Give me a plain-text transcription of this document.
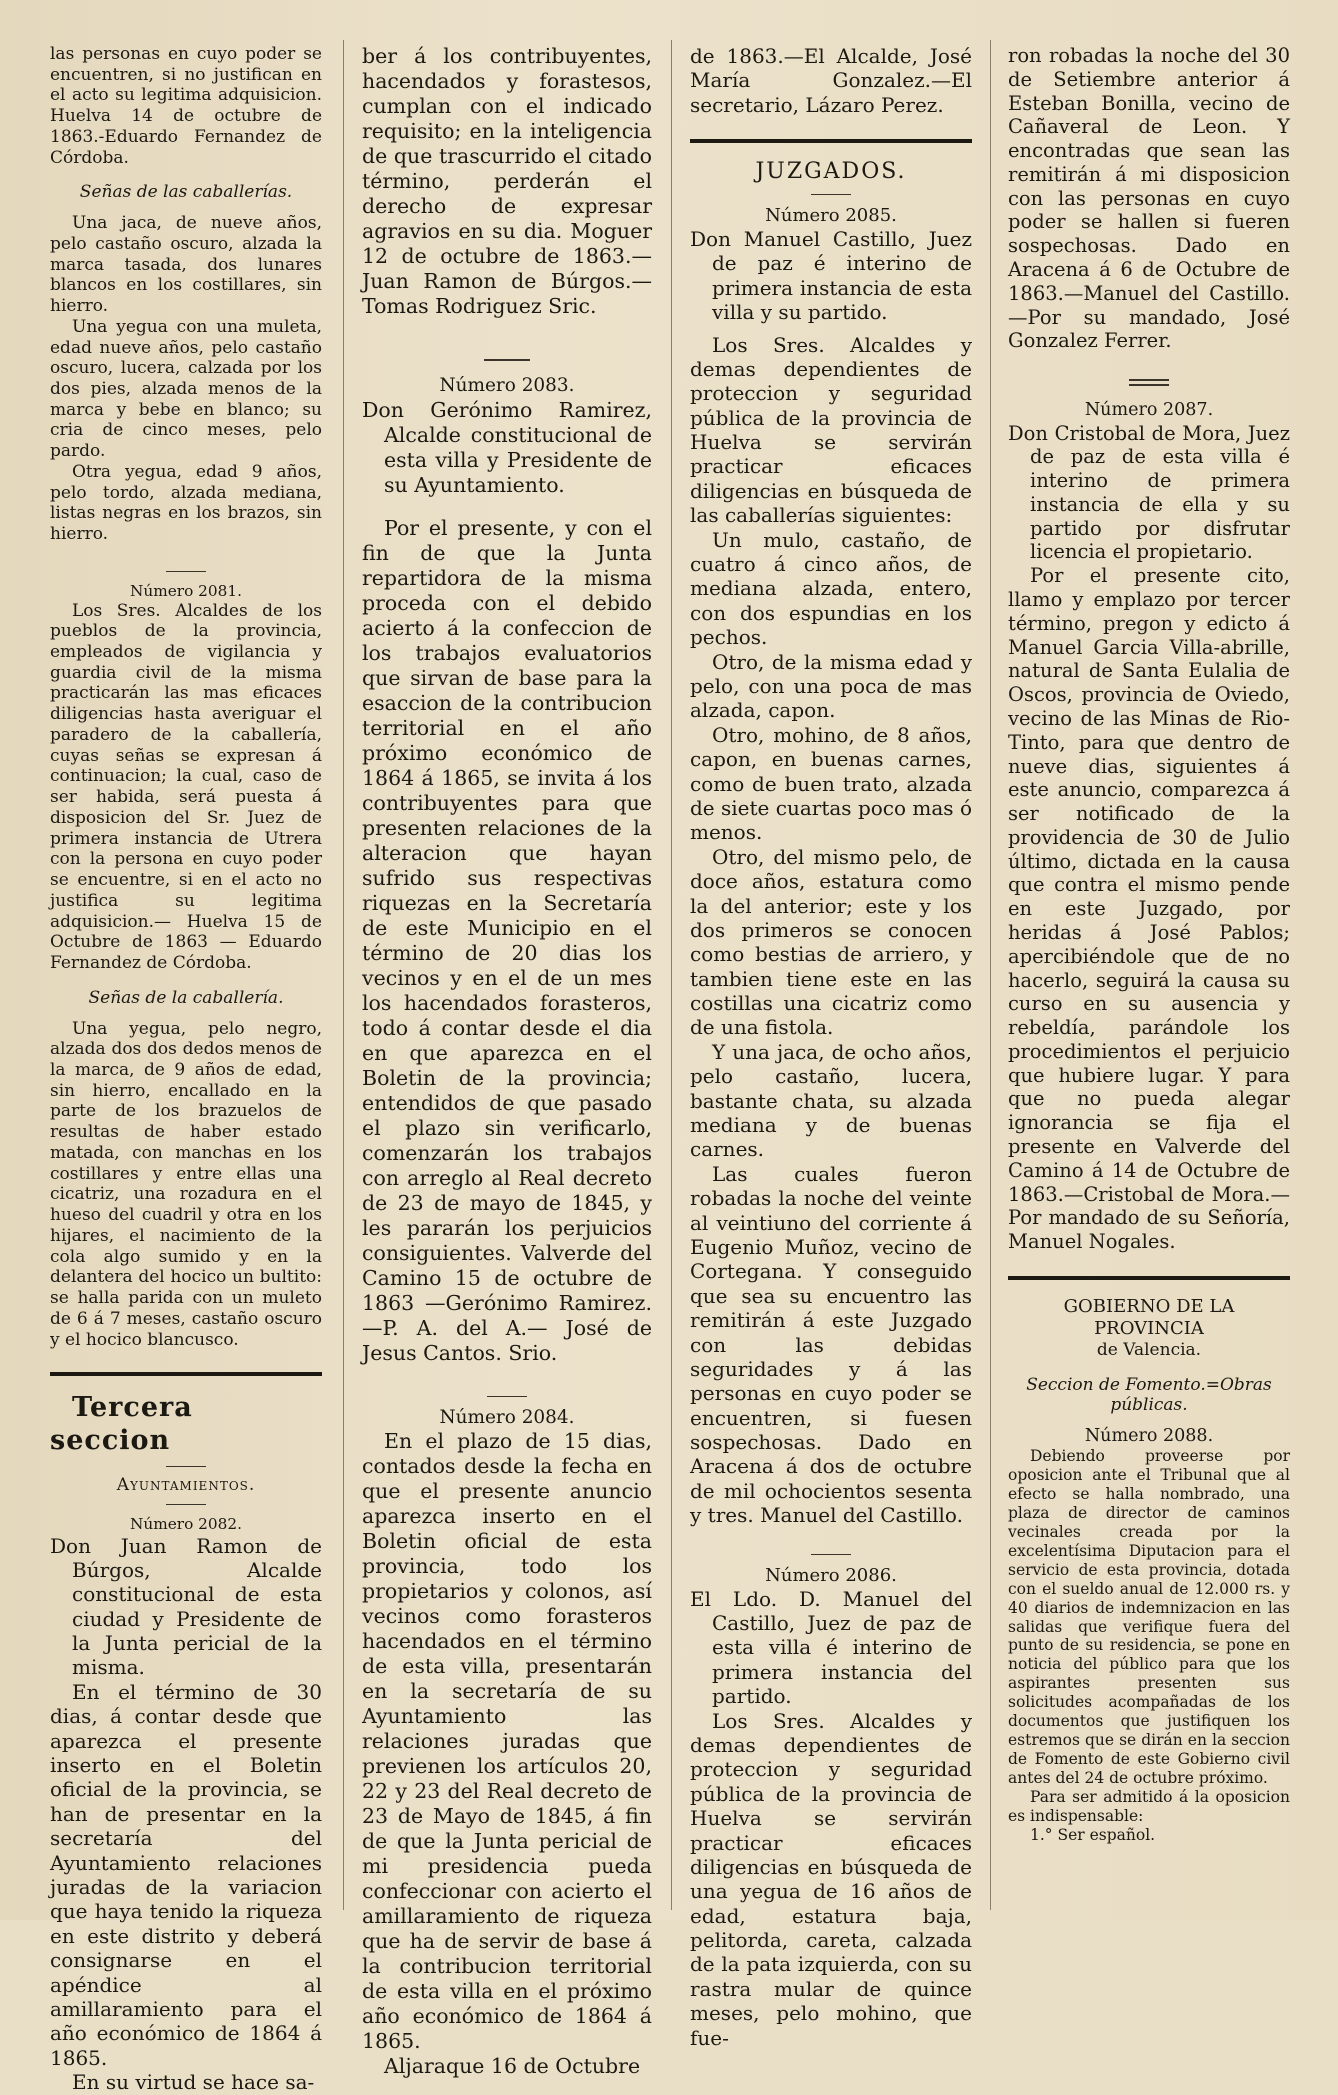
las personas en cuyo poder se encuentren, si no justifican en el acto su legitima adquisicion. Huelva 14 de octubre de 1863.-Eduardo Fernandez de Córdoba.

Señas de las caballerías.

Una jaca, de nueve años, pelo castaño oscuro, alzada la marca tasada, dos lunares blancos en los costillares, sin hierro.

Una yegua con una muleta, edad nueve años, pelo castaño oscuro, lucera, calzada por los dos pies, alzada menos de la marca y bebe en blanco; su cria de cinco meses, pelo pardo.

Otra yegua, edad 9 años, pelo tordo, alzada mediana, listas negras en los brazos, sin hierro.

Número 2081.

Los Sres. Alcaldes de los pueblos de la provincia, empleados de vigilancia y guardia civil de la misma practicarán las mas eficaces diligencias hasta averiguar el paradero de la caballería, cuyas señas se expresan á continuacion; la cual, caso de ser habida, será puesta á disposicion del Sr. Juez de primera instancia de Utrera con la persona en cuyo poder se encuentre, si en el acto no justifica su legitima adquisicion.— Huelva 15 de Octubre de 1863 — Eduardo Fernandez de Córdoba.

Señas de la caballería.

Una yegua, pelo negro, alzada dos dos dedos menos de la marca, de 9 años de edad, sin hierro, encallado en la parte de los brazuelos de resultas de haber estado matada, con manchas en los costillares y entre ellas una cicatriz, una rozadura en el hueso del cuadril y otra en los hijares, el nacimiento de la cola algo sumido y en la delantera del hocico un bultito: se halla parida con un muleto de 6 á 7 meses, castaño oscuro y el hocico blancusco.

Tercera seccion

Ayuntamientos.

Número 2082.

Don Juan Ramon de Búrgos, Alcalde constitucional de esta ciudad y Presidente de la Junta pericial de la misma.

En el término de 30 dias, á contar desde que aparezca el presente inserto en el Boletin oficial de la provincia, se han de presentar en la secretaría del Ayuntamiento relaciones juradas de la variacion que haya tenido la riqueza en este distrito y deberá consignarse en el apéndice al amillaramiento para el año económico de 1864 á 1865.

En su virtud se hace sa-

ber á los contribuyentes, hacendados y forastesos, cumplan con el indicado requisito; en la inteligencia de que trascurrido el citado término, perderán el derecho de expresar agravios en su dia. Moguer 12 de octubre de 1863.—Juan Ramon de Búrgos.—Tomas Rodriguez Sric.

Número 2083.

Don Gerónimo Ramirez, Alcalde constitucional de esta villa y Presidente de su Ayuntamiento.

Por el presente, y con el fin de que la Junta repartidora de la misma proceda con el debido acierto á la confeccion de los trabajos evaluatorios que sirvan de base para la esaccion de la contribucion territorial en el año próximo económico de 1864 á 1865, se invita á los contribuyentes para que presenten relaciones de la alteracion que hayan sufrido sus respectivas riquezas en la Secretaría de este Municipio en el término de 20 dias los vecinos y en el de un mes los hacendados forasteros, todo á contar desde el dia en que aparezca en el Boletin de la provincia; entendidos de que pasado el plazo sin verificarlo, comenzarán los trabajos con arreglo al Real decreto de 23 de mayo de 1845, y les pararán los perjuicios consiguientes. Valverde del Camino 15 de octubre de 1863 —Gerónimo Ramirez.—P. A. del A.— José de Jesus Cantos. Srio.

Número 2084.

En el plazo de 15 dias, contados desde la fecha en que el presente anuncio aparezca inserto en el Boletin oficial de esta provincia, todo los propietarios y colonos, así vecinos como forasteros hacendados en el término de esta villa, presentarán en la secretaría de su Ayuntamiento las relaciones juradas que previenen los artículos 20, 22 y 23 del Real decreto de 23 de Mayo de 1845, á fin de que la Junta pericial de mi presidencia pueda confeccionar con acierto el amillaramiento de riqueza que ha de servir de base á la contribucion territorial de esta villa en el próximo año económico de 1864 á 1865.

Aljaraque 16 de Octubre

de 1863.—El Alcalde, José María Gonzalez.—El secretario, Lázaro Perez.

JUZGADOS.

Número 2085.

Don Manuel Castillo, Juez de paz é interino de primera instancia de esta villa y su partido.

Los Sres. Alcaldes y demas dependientes de proteccion y seguridad pública de la provincia de Huelva se servirán practicar eficaces diligencias en búsqueda de las caballerías siguientes:

Un mulo, castaño, de cuatro á cinco años, de mediana alzada, entero, con dos espundias en los pechos.

Otro, de la misma edad y pelo, con una poca de mas alzada, capon.

Otro, mohino, de 8 años, capon, en buenas carnes, como de buen trato, alzada de siete cuartas poco mas ó menos.

Otro, del mismo pelo, de doce años, estatura como la del anterior; este y los dos primeros se conocen como bestias de arriero, y tambien tiene este en las costillas una cicatriz como de una fistola.

Y una jaca, de ocho años, pelo castaño, lucera, bastante chata, su alzada mediana y de buenas carnes.

Las cuales fueron robadas la noche del veinte al veintiuno del corriente á Eugenio Muñoz, vecino de Cortegana. Y conseguido que sea su encuentro las remitirán á este Juzgado con las debidas seguridades y á las personas en cuyo poder se encuentren, si fuesen sospechosas. Dado en Aracena á dos de octubre de mil ochocientos sesenta y tres. Manuel del Castillo.

Número 2086.

El Ldo. D. Manuel del Castillo, Juez de paz de esta villa é interino de primera instancia del partido.

Los Sres. Alcaldes y demas dependientes de proteccion y seguridad pública de la provincia de Huelva se servirán practicar eficaces diligencias en búsqueda de una yegua de 16 años de edad, estatura baja, pelitorda, careta, calzada de la pata izquierda, con su rastra mular de quince meses, pelo mohino, que fue-

ron robadas la noche del 30 de Setiembre anterior á Esteban Bonilla, vecino de Cañaveral de Leon. Y encontradas que sean las remitirán á mi disposicion con las personas en cuyo poder se hallen si fueren sospechosas. Dado en Aracena á 6 de Octubre de 1863.—Manuel del Castillo.—Por su mandado, José Gonzalez Ferrer.

Número 2087.

Don Cristobal de Mora, Juez de paz de esta villa é interino de primera instancia de ella y su partido por disfrutar licencia el propietario.

Por el presente cito, llamo y emplazo por tercer término, pregon y edicto á Manuel Garcia Villa-abrille, natural de Santa Eulalia de Oscos, provincia de Oviedo, vecino de las Minas de Rio-Tinto, para que dentro de nueve dias, siguientes á este anuncio, comparezca á ser notificado de la providencia de 30 de Julio último, dictada en la causa que contra el mismo pende en este Juzgado, por heridas á José Pablos; apercibiéndole que de no hacerlo, seguirá la causa su curso en su ausencia y rebeldía, parándole los procedimientos el perjuicio que hubiere lugar. Y para que no pueda alegar ignorancia se fija el presente en Valverde del Camino á 14 de Octubre de 1863.—Cristobal de Mora.—Por mandado de su Señoría, Manuel Nogales.

GOBIERNO DE LA PROVINCIA

de Valencia.

Seccion de Fomento.=Obras públicas.

Número 2088.

Debiendo proveerse por oposicion ante el Tribunal que al efecto se halla nombrado, una plaza de director de caminos vecinales creada por la excelentísima Diputacion para el servicio de esta provincia, dotada con el sueldo anual de 12.000 rs. y 40 diarios de indemnizacion en las salidas que verifique fuera del punto de su residencia, se pone en noticia del público para que los aspirantes presenten sus solicitudes acompañadas de los documentos que justifiquen los estremos que se dirán en la seccion de Fomento de este Gobierno civil antes del 24 de octubre próximo.

Para ser admitido á la oposicion es indispensable:

1.° Ser español.
